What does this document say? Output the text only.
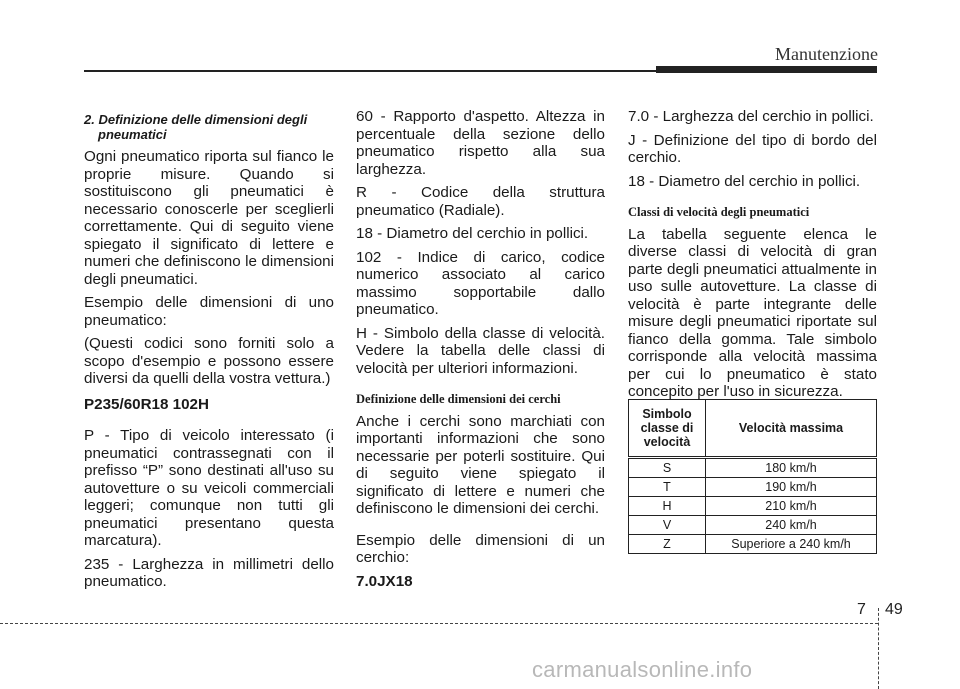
Manutenzione

2. Definizione delle dimensioni degli pneumatici

Ogni pneumatico riporta sul fianco le proprie misure. Quando si sostituiscono gli pneumatici è necessario conoscerle per sceglierli correttamente. Qui di seguito viene spiegato il significato di lettere e numeri che definiscono le dimensioni degli pneumatici.

Esempio delle dimensioni di uno pneumatico:

(Questi codici sono forniti solo a scopo d'esempio e possono essere diversi da quelli della vostra vettura.)

P235/60R18 102H

P - Tipo di veicolo interessato (i pneumatici contrassegnati con il prefisso “P” sono destinati all'uso su autovetture o su veicoli commerciali leggeri; comunque non tutti gli pneumatici presentano questa marcatura).

235 - Larghezza in millimetri dello pneumatico.

60 - Rapporto d'aspetto. Altezza in percentuale della sezione dello pneumatico rispetto alla sua larghezza.

R - Codice della struttura pneumatico (Radiale).

18 - Diametro del cerchio in pollici.

102 - Indice di carico, codice numerico associato al carico massimo sopportabile dallo pneumatico.

H - Simbolo della classe di velocità. Vedere la tabella delle classi di velocità per ulteriori informazioni.

Definizione delle dimensioni dei cerchi

Anche i cerchi sono marchiati con importanti informazioni che sono necessarie per poterli sostituire. Qui di seguito viene spiegato il significato di lettere e numeri che definiscono le dimensioni dei cerchi.

Esempio delle dimensioni di un cerchio:

7.0JX18

7.0 - Larghezza del cerchio in pollici.

J - Definizione del tipo di bordo del cerchio.

18 - Diametro del cerchio in pollici.

Classi di velocità degli pneumatici

La tabella seguente elenca le diverse classi di velocità di gran parte degli pneumatici attualmente in uso sulle autovetture. La classe di velocità è parte integrante delle misure degli pneumatici riportate sul fianco della gomma. Tale simbolo corrisponde alla velocità massima per cui lo pneumatico è stato concepito per l'uso in sicurezza.

Simbolo classe di velocità	Velocità massima
S	180 km/h
T	190 km/h
H	210 km/h
V	240 km/h
Z	Superiore a 240 km/h
7 49
carmanualsonline.info
